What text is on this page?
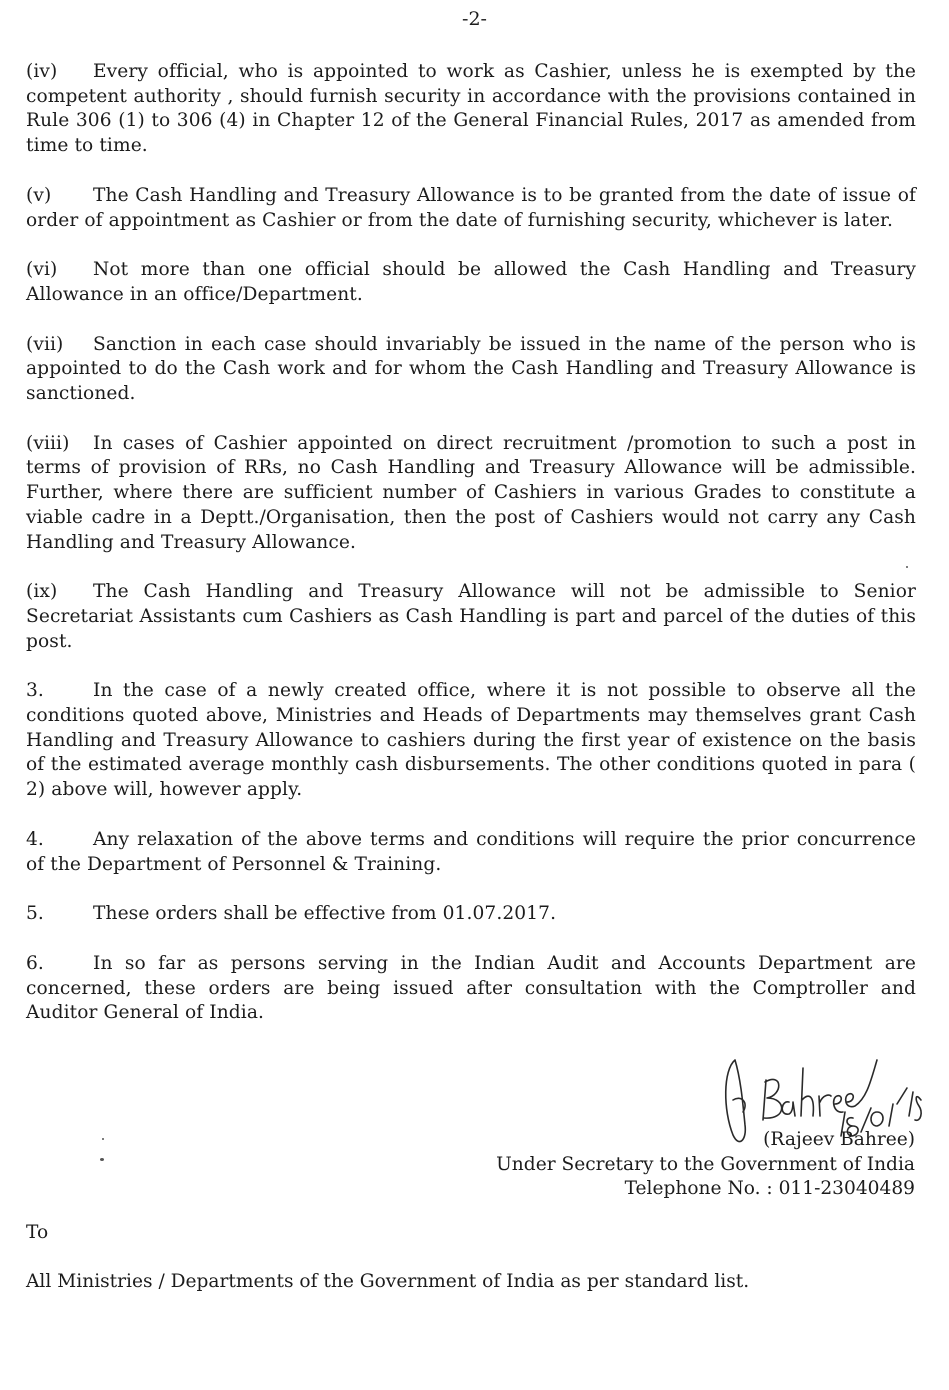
-2-

(iv) Every official, who is appointed to work as Cashier, unless he is exempted by the competent authority , should furnish security in accordance with the provisions contained in Rule 306 (1) to 306 (4) in Chapter 12 of the General Financial Rules, 2017 as amended from time to time.

(v) The Cash Handling and Treasury Allowance is to be granted from the date of issue of order of appointment as Cashier or from the date of furnishing security, whichever is later.

(vi) Not more than one official should be allowed the Cash Handling and Treasury Allowance in an office/Department.

(vii) Sanction in each case should invariably be issued in the name of the person who is appointed to do the Cash work and for whom the Cash Handling and Treasury Allowance is sanctioned.

(viii) In cases of Cashier appointed on direct recruitment /promotion to such a post in terms of provision of RRs, no Cash Handling and Treasury Allowance will be admissible. Further, where there are sufficient number of Cashiers in various Grades to constitute a viable cadre in a Deptt./Organisation, then the post of Cashiers would not carry any Cash Handling and Treasury Allowance.

(ix) The Cash Handling and Treasury Allowance will not be admissible to Senior Secretariat Assistants cum Cashiers as Cash Handling is part and parcel of the duties of this post.

3.	In the case of a newly created office, where it is not possible to observe all the conditions quoted above, Ministries and Heads of Departments may themselves grant Cash Handling and Treasury Allowance to cashiers during the first year of existence on the basis of the estimated average monthly cash disbursements. The other conditions quoted in para ( 2) above will, however apply.

4.	Any relaxation of the above terms and conditions will require the prior concurrence of the Department of Personnel & Training.

5.	These orders shall be effective from 01.07.2017.

6.	In so far as persons serving in the Indian Audit and Accounts Department are concerned, these orders are being issued after consultation with the Comptroller and Auditor General of India.

(Rajeev Bahree)
Under Secretary to the Government of India
Telephone No. : 011-23040489
To
All Ministries / Departments of the Government of India as per standard list.
